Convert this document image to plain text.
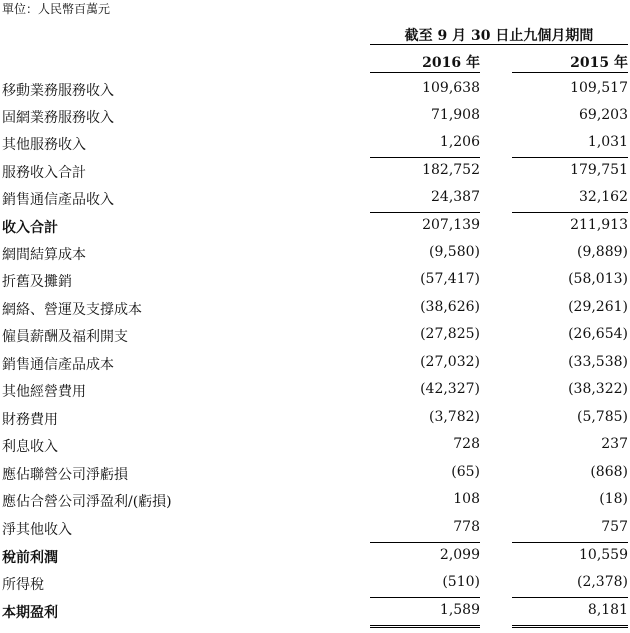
單位：人民幣百萬元
截至 9 月 30 日止九個月期間
2016 年	2015 年
移動業務服務收入	109,638	109,517
固網業務服務收入	71,908	69,203
其他服務收入	1,206	1,031
服務收入合計	182,752	179,751
銷售通信產品收入	24,387	32,162
收入合計	207,139	211,913
網間結算成本	(9,580)	(9,889)
折舊及攤銷	(57,417)	(58,013)
網絡、營運及支撐成本	(38,626)	(29,261)
僱員薪酬及福利開支	(27,825)	(26,654)
銷售通信產品成本	(27,032)	(33,538)
其他經營費用	(42,327)	(38,322)
財務費用	(3,782)	(5,785)
利息收入	728	237
應佔聯營公司淨虧損	(65)	(868)
應佔合營公司淨盈利/(虧損)	108	(18)
淨其他收入	778	757
稅前利潤	2,099	10,559
所得稅	(510)	(2,378)
本期盈利	1,589	8,181
